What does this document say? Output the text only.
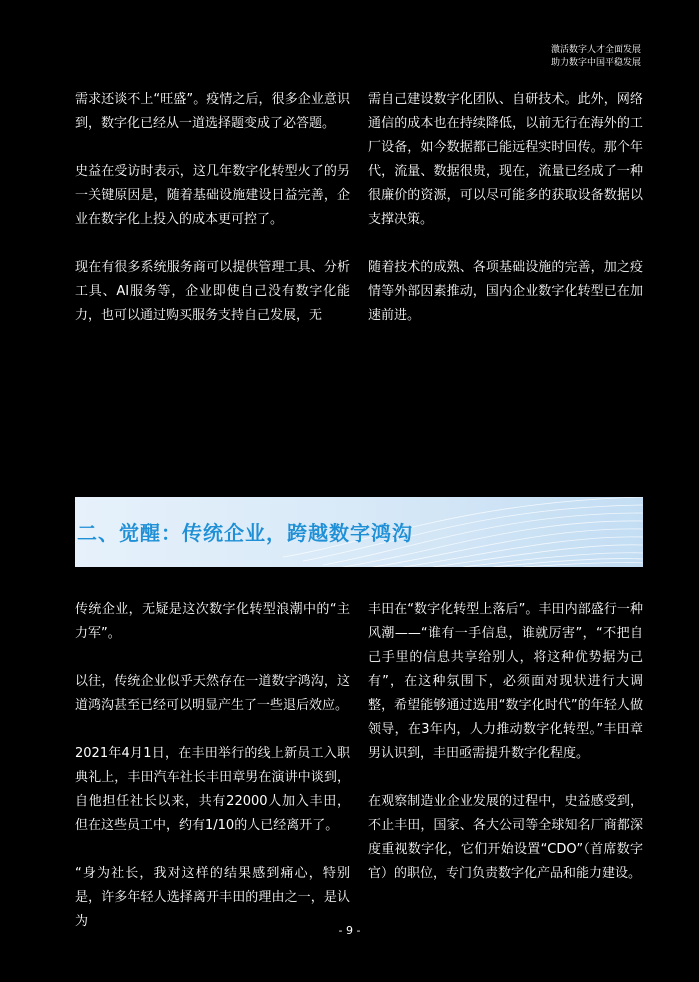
激活数字人才全面发展
助力数字中国平稳发展

需求还谈不上“旺盛”。疫情之后，很多企业意识到，数字化已经从一道选择题变成了必答题。

史益在受访时表示，这几年数字化转型火了的另一关键原因是，随着基础设施建设日益完善，企业在数字化上投入的成本更可控了。

现在有很多系统服务商可以提供管理工具、分析工具、AI服务等，企业即使自己没有数字化能力，也可以通过购买服务支持自己发展，无

需自己建设数字化团队、自研技术。此外，网络通信的成本也在持续降低，以前无行在海外的工厂设备，如今数据都已能远程实时回传。那个年代，流量、数据很贵，现在，流量已经成了一种很廉价的资源，可以尽可能多的获取设备数据以支撑决策。

随着技术的成熟、各项基础设施的完善，加之疫情等外部因素推动，国内企业数字化转型已在加速前进。

二、觉醒：传统企业，跨越数字鸿沟

传统企业，无疑是这次数字化转型浪潮中的“主力军”。

以往，传统企业似乎天然存在一道数字鸿沟，这道鸿沟甚至已经可以明显产生了一些退后效应。

2021年4月1日，在丰田举行的线上新员工入职典礼上，丰田汽车社长丰田章男在演讲中谈到，自他担任社长以来，共有22000人加入丰田，但在这些员工中，约有1/10的人已经离开了。

“身为社长，我对这样的结果感到痛心，特别是，许多年轻人选择离开丰田的理由之一，是认为

丰田在“数字化转型上落后”。丰田内部盛行一种风潮——“谁有一手信息，谁就厉害”，“不把自己手里的信息共享给别人，将这种优势据为己有”，在这种氛围下，必须面对现状进行大调整，希望能够通过选用“数字化时代”的年轻人做领导，在3年内，人力推动数字化转型。”丰田章男认识到，丰田亟需提升数字化程度。

在观察制造业企业发展的过程中，史益感受到，不止丰田，国家、各大公司等全球知名厂商都深度重视数字化，它们开始设置“CDO”（首席数字官）的职位，专门负责数字化产品和能力建设。

- 9 -
